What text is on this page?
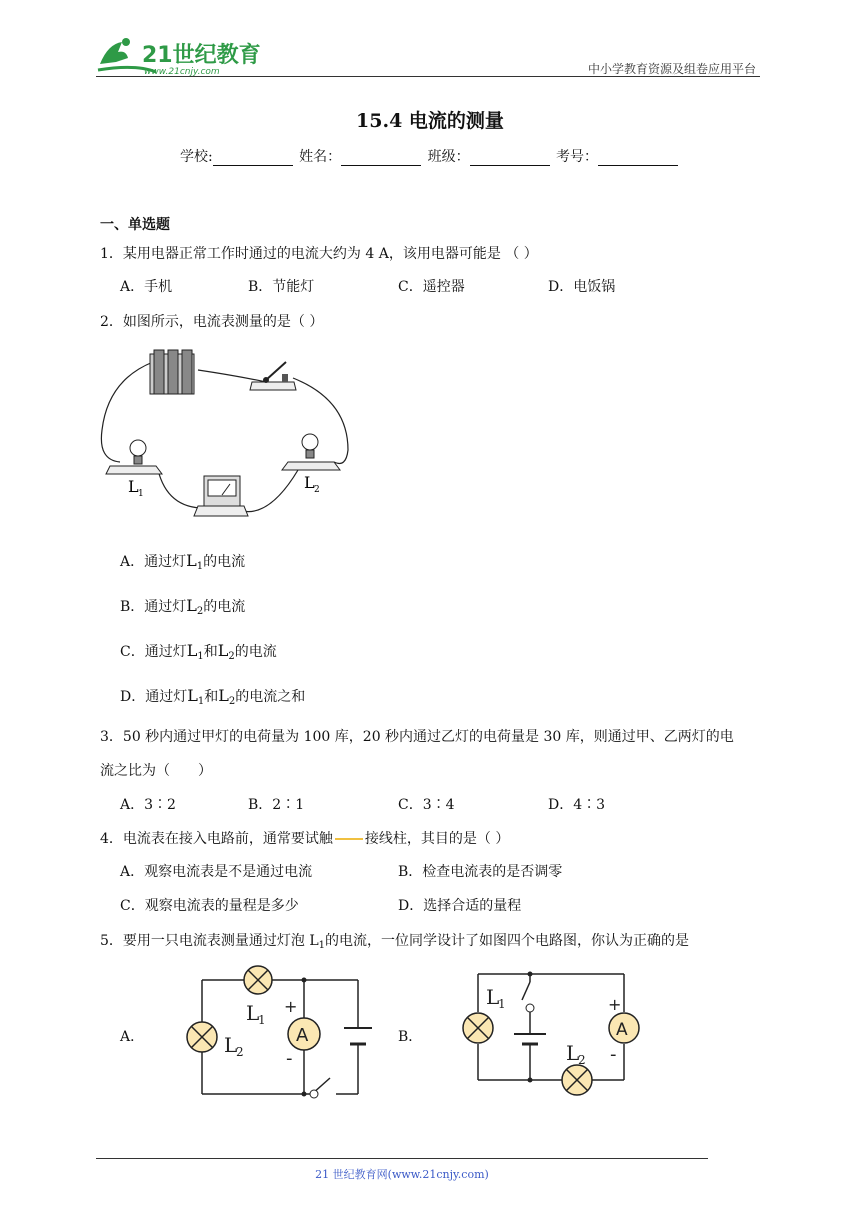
21世纪教育
www.21cnjy.com	中小学教育资源及组卷应用平台
15.4 电流的测量
学校:	姓名：	班级：	考号：
一、单选题
1．某用电器正常工作时通过的电流大约为 4 A，该用电器可能是 （ ）
A．手机	B．节能灯	C．遥控器	D．电饭锅
2．如图所示，电流表测量的是（ ）
L 1
L 2
A．通过灯$L_1$的电流
B．通过灯$L_2$的电流
C．通过灯$L_1$和$L_2$的电流
D．通过灯$L_1$和$L_2$的电流之和
3．50 秒内通过甲灯的电荷量为 100 库，20 秒内通过乙灯的电荷量是 30 库，则通过甲、乙两灯的电
流之比为（　　）
A．3∶2	B．2∶1	C．3∶4	D．4∶3
4．电流表在接入电路前，通常要试触 接线柱，其目的是（ ）
A．观察电流表是不是通过电流	B．检查电流表的是否调零
C．观察电流表的量程是多少	D．选择合适的量程
5．要用一只电流表测量通过灯泡 $L_1$的电流，一位同学设计了如图四个电路图，你认为正确的是
A．	A
+
-
L
1
L
2
B．	A
+
-
L
1
L
2
21 世纪教育网(www.21cnjy.com)
